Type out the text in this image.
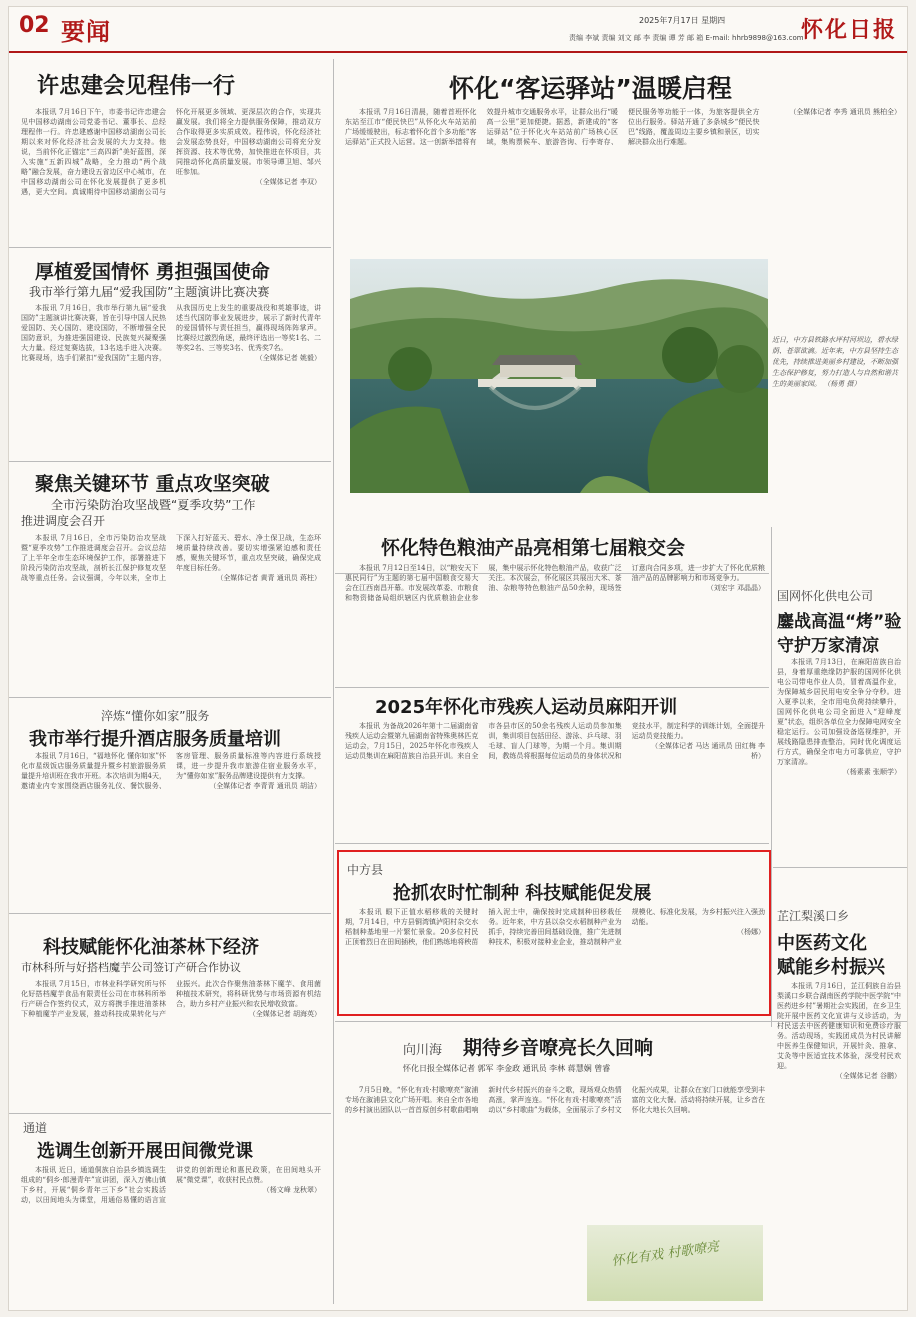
02 要闻	2025年7月17日 星期四
责编 李斌 责编 刘文 邮 李 责编 谭 芳 邮 箱 E-mail: hhrb9898@163.com
怀化日报
许忠建会见程伟一行

本报讯 7月16日下午，市委书记许忠建会见中国移动湖南公司党委书记、董事长、总经理程伟一行。许忠建感谢中国移动湖南公司长期以来对怀化经济社会发展的大力支持。他说，当前怀化正锚定“三高四新”美好蓝图，深入实施“五新四城”战略，全力推动“两个战略”融合发展，奋力建设五省边区中心城市，在中国移动湖南公司在怀化发展提供了更多机遇，更大空间。真诚期待中国移动湖南公司与怀化开展更多领域、更深层次的合作，实现共赢发展。我们将全力提供服务保障，推动双方合作取得更多实质成效。程伟说，怀化经济社会发展态势良好，中国移动湖南公司将充分发挥资源、技术等优势，加快推进在怀项目，共同推动怀化高质量发展。市领导谭卫旭、邹兴旺参加。

（全媒体记者 李双）

厚植爱国情怀 勇担强国使命
我市举行第九届“爱我国防”主题演讲比赛决赛

本报讯 7月16日，我市举行第九届“爱我国防”主题演讲比赛决赛，旨在引导中国人民热爱国防、关心国防、建设国防，不断增强全民国防意识，为推进强国建设、民族复兴凝聚强大力量。经过复赛选拔，13名选手进入决赛。比赛现场，选手们紧扣“爱我国防”主题内容，从我国历史上发生的重要战役和英雄事迹，讲述当代国防事业发展进步，展示了新时代青年的爱国情怀与责任担当，赢得现场阵阵掌声。比赛经过激烈角逐，最终评选出一等奖1名、二等奖2名、三等奖3名、优秀奖7名。

（全媒体记者 姚毅）

聚焦关键环节 重点攻坚突破
全市污染防治攻坚战暨“夏季攻势”工作
推进调度会召开

本报讯 7月16日，全市污染防治攻坚战暨“夏季攻势”工作推进调度会召开。会议总结了上半年全市生态环境保护工作，部署推进下阶段污染防治攻坚战，剖析长江保护修复攻坚战等重点任务。会议强调，今年以来，全市上下深入打好蓝天、碧水、净土保卫战，生态环境质量持续改善。要切实增强紧迫感和责任感，聚焦关键环节，重点攻坚突破，确保完成年度目标任务。

（全媒体记者 黄青 通讯员 蒋柱）

淬炼“懂你如家”服务
我市举行提升酒店服务质量培训

本报讯 7月16日，“福地怀化 懂你如家”怀化市星级饭店服务质量提升暨乡村旅游服务质量提升培训班在我市开班。本次培训为期4天，邀请业内专家围绕酒店服务礼仪、餐饮服务、客房管理、服务质量标准等内容进行系统授课，进一步提升我市旅游住宿业服务水平，为“懂你如家”服务品牌建设提供有力支撑。

（全媒体记者 李青青 通讯员 胡洁）

科技赋能怀化油茶林下经济
市林科所与好搭档魔芋公司签订产研合作协议

本报讯 7月15日，市林业科学研究所与怀化好搭档魔芋食品有限责任公司在市林科所举行产研合作签约仪式，双方将携手推进油茶林下种植魔芋产业发展，推动科技成果转化与产业振兴。此次合作聚焦油茶林下魔芋、食用菌种植技术研究，将科研优势与市场资源有机结合，助力乡村产业振兴和农民增收致富。

（全媒体记者 胡海英）

通道
选调生创新开展田间微党课

本报讯 近日，通道侗族自治县乡镇选调生组成的“侗乡·郎漫青年”宣讲团，深入万佛山镇下乡村，开展“侗乡青年三下乡”社会实践活动，以田间地头为课堂，用通俗易懂的语言宣讲党的创新理论和惠民政策，在田间地头开展“微党课”，收获村民点赞。

（杨文峰 龙秋翠）

怀化“客运驿站”温暖启程

本报讯 7月16日清晨，随着首班怀化东站至江市“便民快巴”从怀化火车站站前广场缓缓驶出，标志着怀化首个多功能“客运驿站”正式投入运营。这一创新举措将有效提升城市交通服务水平，让群众出行“暖高一公里”更加便捷。据悉，新建成的“客运驿站”位于怀化火车站站前广场核心区域，集购票候车、旅游咨询、行李寄存、便民服务等功能于一体，为旅客提供全方位出行服务。驿站开通了多条城乡“便民快巴”线路，覆盖周边主要乡镇和景区，切实解决群众出行难题。

（全媒体记者 李秀 通讯员 熊柏全）

近日，中方县铁路水坪村河坝边，碧水绿荫、苍翠欲滴。近年来，中方县坚持生态优先，持续推进美丽乡村建设，不断加强生态保护修复，努力打造人与自然和谐共生的美丽家园。 （杨勇 摄）
怀化特色粮油产品亮相第七届粮交会

本报讯 7月12日至14日，以“粮安天下 惠民同行”为主题的第七届中国粮食交易大会在江西南昌开幕。市发展改革委、市粮食和物资储备局组织辖区内优质粮油企业参展，集中展示怀化特色粮油产品，收获广泛关注。本次展会，怀化展区共展出大米、茶油、杂粮等特色粮油产品50余种，现场签订意向合同多项，进一步扩大了怀化优质粮油产品的品牌影响力和市场竞争力。

（刘宏宇 邓晶晶）

2025年怀化市残疾人运动员麻阳开训

本报讯 为备战2026年第十二届湖南省残疾人运动会暨第九届湖南省特殊奥林匹克运动会，7月15日，2025年怀化市残疾人运动员集训在麻阳苗族自治县开训。来自全市各县市区的50余名残疾人运动员参加集训，集训项目包括田径、游泳、乒乓球、羽毛球、盲人门球等，为期一个月。集训期间，教练员将根据每位运动员的身体状况和竞技水平，制定科学的训练计划，全面提升运动员竞技能力。

（全媒体记者 马达 通讯员 田红梅 李桥）

国网怀化供电公司
鏖战高温“烤”验
守护万家清凉

本报讯 7月13日，在麻阳苗族自治县，身着厚重绝缘防护服的国网怀化供电公司带电作业人员，冒着高温作业，为保障城乡居民用电安全争分夺秒。进入夏季以来，全市用电负荷持续攀升，国网怀化供电公司全面进入“迎峰度夏”状态，组织各单位全力保障电网安全稳定运行。公司加强设备巡视维护，开展线路隐患排查整治，同时优化调度运行方式，确保全市电力可靠供应，守护万家清凉。

（杨素素 张顺学）

中方县
抢抓农时忙制种 科技赋能促发展

本报讯 眼下正值水稻移栽的关键时期，7月14日，中方县铜湾镇泸阳村杂交水稻制种基地里一片繁忙景象。20多位村民正顶着烈日在田间插秧，他们熟练地将秧苗插入泥土中，确保按时完成制种田移栽任务。近年来，中方县以杂交水稻制种产业为抓手，持续完善田间基础设施，推广先进制种技术，积极对接种业企业，推动制种产业规模化、标准化发展，为乡村振兴注入强劲动能。

（杨娜）

芷江梨溪口乡
中医药文化
赋能乡村振兴

本报讯 7月16日，芷江侗族自治县梨溪口乡联合湖南医药学院中医学院“中医药进乡村”暑期社会实践团，在乡卫生院开展中医药文化宣讲与义诊活动，为村民送去中医药健康知识和免费诊疗服务。活动现场，实践团成员为村民讲解中医养生保健知识，开展针灸、推拿、艾灸等中医适宜技术体验，深受村民欢迎。

（全媒体记者 谷鹏）

向川海 期待乡音嘹亮长久回响
怀化日报全媒体记者 郭军 李金政 通讯员 李林 蒋慧娴 曾睿

7月5日晚，“怀化有戏·村歌嘹亮”溆浦专场在溆浦县文化广场开唱。来自全市各地的乡村演出团队以一首首原创乡村歌曲唱响新时代乡村振兴的奋斗之歌，现场观众热情高涨，掌声连连。“怀化有戏·村歌嘹亮”活动以“乡村歌曲”为载体，全面展示了乡村文化振兴成果，让群众在家门口就能享受到丰富的文化大餐。活动将持续开展，让乡音在怀化大地长久回响。

怀化有戏 村歌嘹亮
